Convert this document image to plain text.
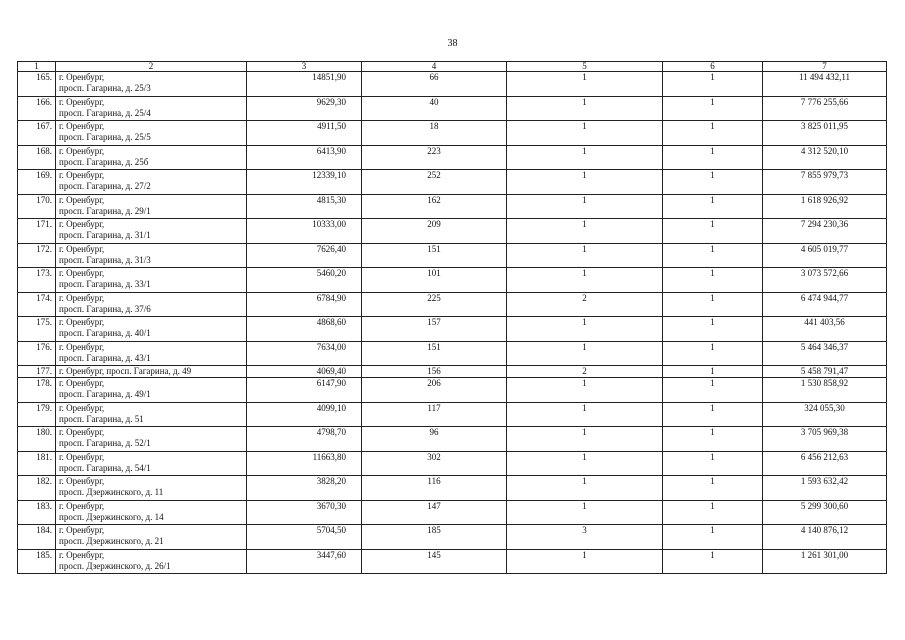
38
1	2	3	4	5	6	7
165.	г. Оренбург,
просп. Гагарина, д. 25/3	14851,90	66	1	1	11 494 432,11
166.	г. Оренбург,
просп. Гагарина, д. 25/4	9629,30	40	1	1	7 776 255,66
167.	г. Оренбург,
просп. Гагарина, д. 25/5	4911,50	18	1	1	3 825 011,95
168.	г. Оренбург,
просп. Гагарина, д. 25б	6413,90	223	1	1	4 312 520,10
169.	г. Оренбург,
просп. Гагарина, д. 27/2	12339,10	252	1	1	7 855 979,73
170.	г. Оренбург,
просп. Гагарина, д. 29/1	4815,30	162	1	1	1 618 926,92
171.	г. Оренбург,
просп. Гагарина, д. 31/1	10333,00	209	1	1	7 294 230,36
172.	г. Оренбург,
просп. Гагарина, д. 31/3	7626,40	151	1	1	4 605 019,77
173.	г. Оренбург,
просп. Гагарина, д. 33/1	5460,20	101	1	1	3 073 572,66
174.	г. Оренбург,
просп. Гагарина, д. 37/6	6784,90	225	2	1	6 474 944,77
175.	г. Оренбург,
просп. Гагарина, д. 40/1	4868,60	157	1	1	441 403,56
176.	г. Оренбург,
просп. Гагарина, д. 43/1	7634,00	151	1	1	5 464 346,37
177.	г. Оренбург, просп. Гагарина, д. 49	4069,40	156	2	1	5 458 791,47
178.	г. Оренбург,
просп. Гагарина, д. 49/1	6147,90	206	1	1	1 530 858,92
179.	г. Оренбург,
просп. Гагарина, д. 51	4099,10	117	1	1	324 055,30
180.	г. Оренбург,
просп. Гагарина, д. 52/1	4798,70	96	1	1	3 705 969,38
181.	г. Оренбург,
просп. Гагарина, д. 54/1	11663,80	302	1	1	6 456 212,63
182.	г. Оренбург,
просп. Дзержинского, д. 11	3828,20	116	1	1	1 593 632,42
183.	г. Оренбург,
просп. Дзержинского, д. 14	3670,30	147	1	1	5 299 300,60
184.	г. Оренбург,
просп. Дзержинского, д. 21	5704,50	185	3	1	4 140 876,12
185.	г. Оренбург,
просп. Дзержинского, д. 26/1	3447,60	145	1	1	1 261 301,00
